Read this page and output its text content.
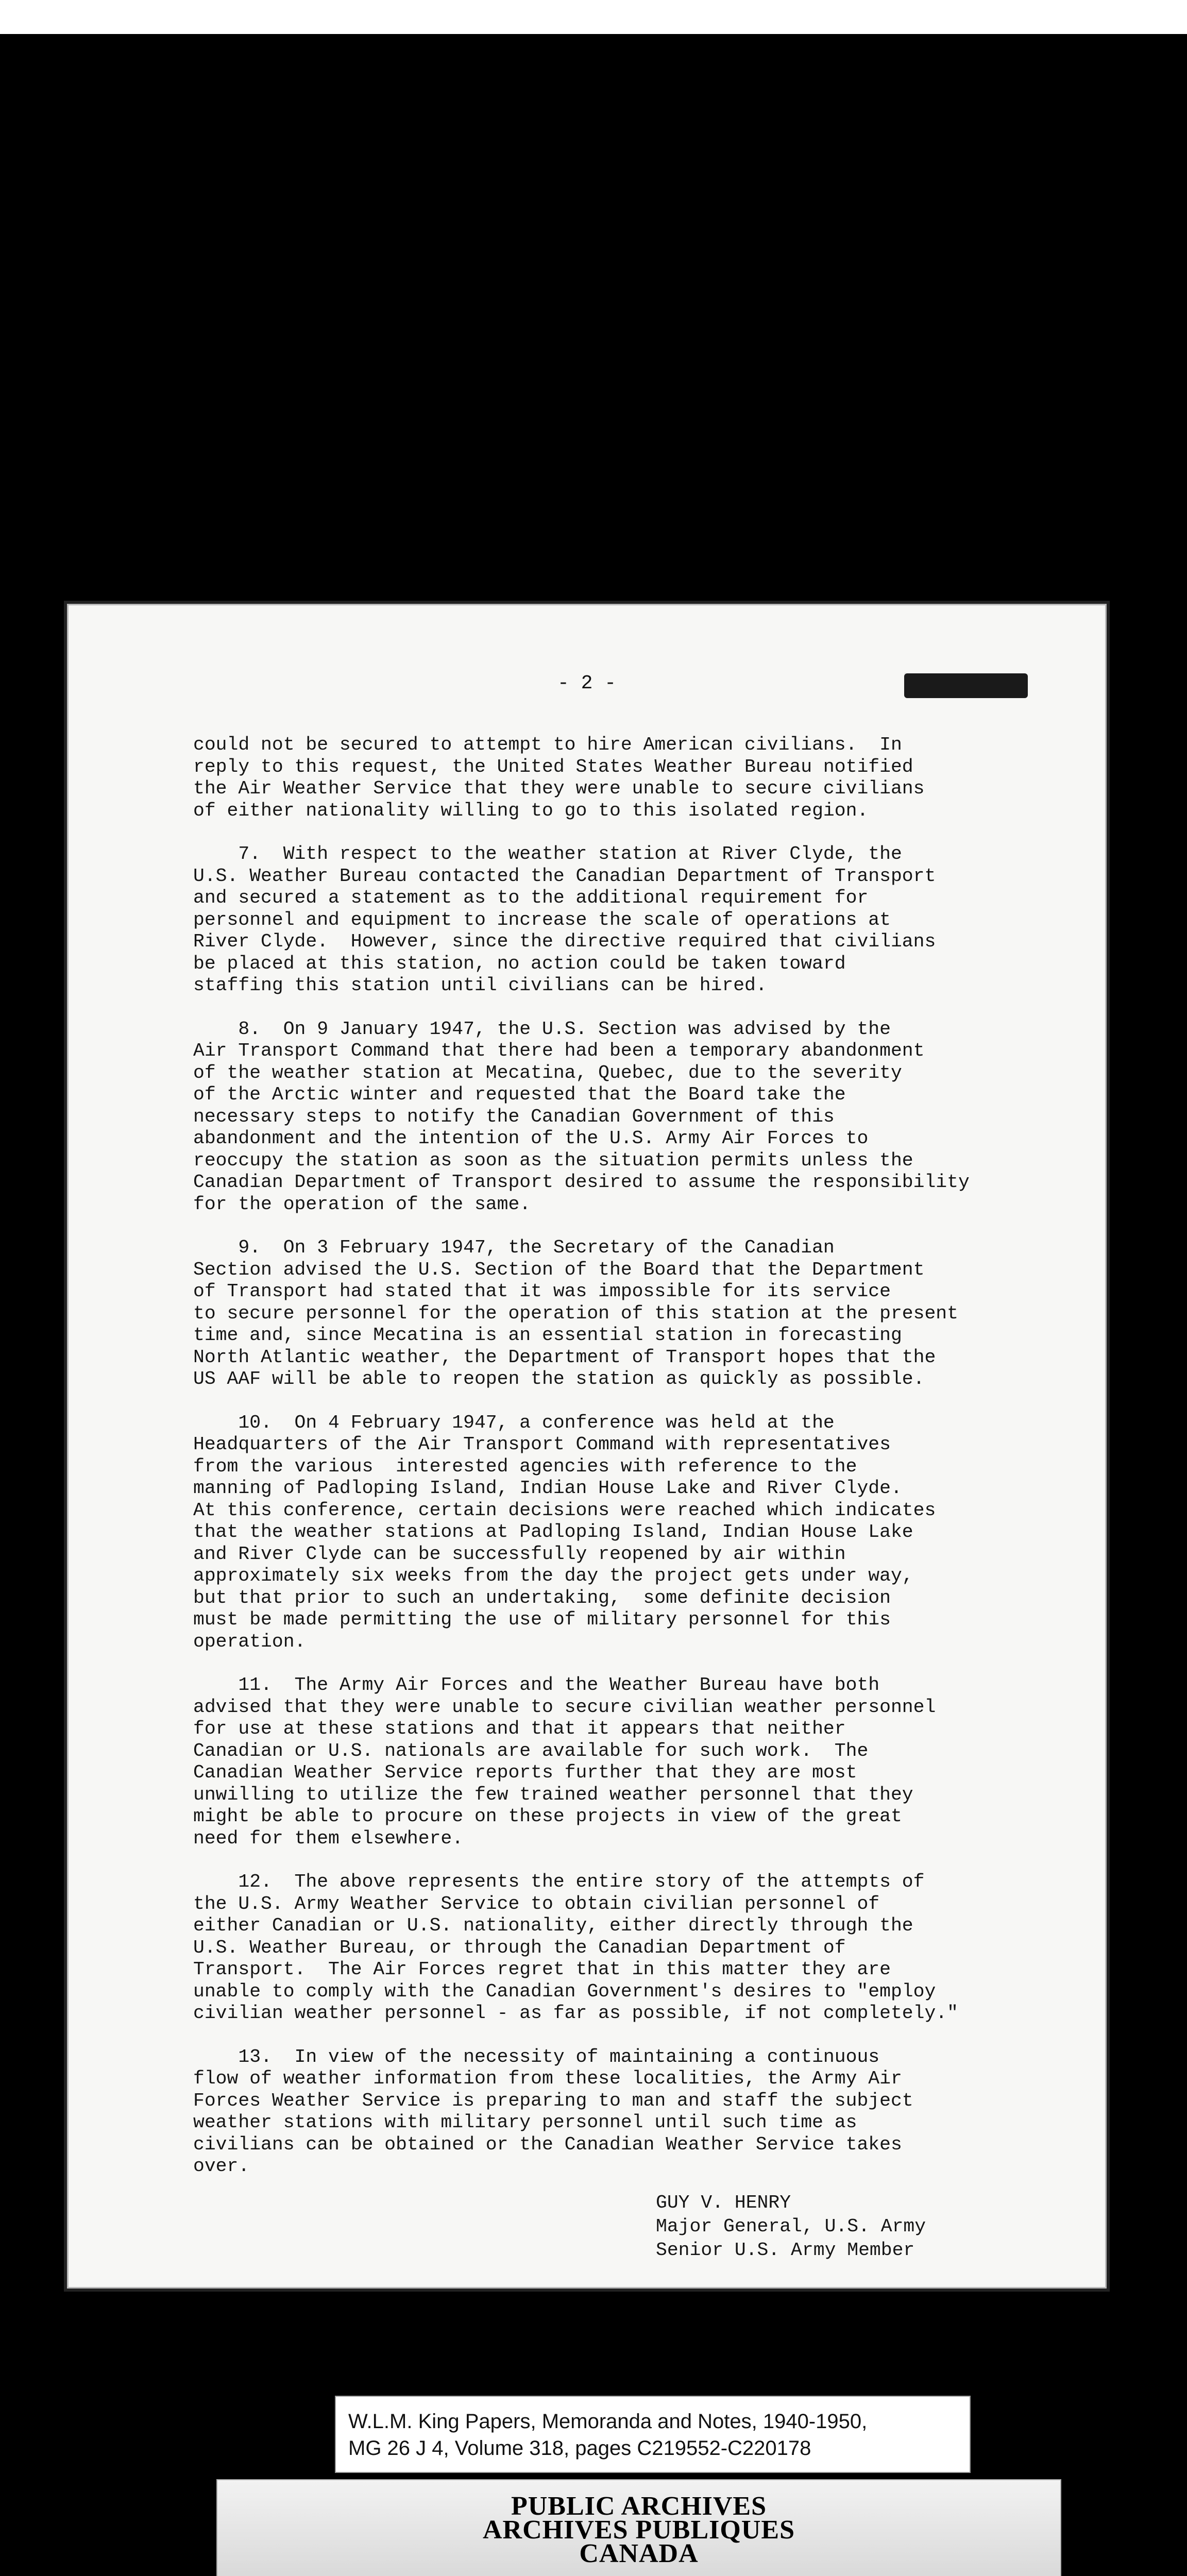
- 2 -	C219556
could not be secured to attempt to hire American civilians.  In
reply to this request, the United States Weather Bureau notified
the Air Weather Service that they were unable to secure civilians
of either nationality willing to go to this isolated region.
7.  With respect to the weather station at River Clyde, the
U.S. Weather Bureau contacted the Canadian Department of Transport
and secured a statement as to the additional requirement for
personnel and equipment to increase the scale of operations at
River Clyde.  However, since the directive required that civilians
be placed at this station, no action could be taken toward
staffing this station until civilians can be hired.
8.  On 9 January 1947, the U.S. Section was advised by the
Air Transport Command that there had been a temporary abandonment
of the weather station at Mecatina, Quebec, due to the severity
of the Arctic winter and requested that the Board take the
necessary steps to notify the Canadian Government of this
abandonment and the intention of the U.S. Army Air Forces to
reoccupy the station as soon as the situation permits unless the
Canadian Department of Transport desired to assume the responsibility
for the operation of the same.
9.  On 3 February 1947, the Secretary of the Canadian
Section advised the U.S. Section of the Board that the Department
of Transport had stated that it was impossible for its service
to secure personnel for the operation of this station at the present
time and, since Mecatina is an essential station in forecasting
North Atlantic weather, the Department of Transport hopes that the
US AAF will be able to reopen the station as quickly as possible.
10.  On 4 February 1947, a conference was held at the
Headquarters of the Air Transport Command with representatives
from the various  interested agencies with reference to the
manning of Padloping Island, Indian House Lake and River Clyde.
At this conference, certain decisions were reached which indicates
that the weather stations at Padloping Island, Indian House Lake
and River Clyde can be successfully reopened by air within
approximately six weeks from the day the project gets under way,
but that prior to such an undertaking,  some definite decision
must be made permitting the use of military personnel for this
operation.
11.  The Army Air Forces and the Weather Bureau have both
advised that they were unable to secure civilian weather personnel
for use at these stations and that it appears that neither
Canadian or U.S. nationals are available for such work.  The
Canadian Weather Service reports further that they are most
unwilling to utilize the few trained weather personnel that they
might be able to procure on these projects in view of the great
need for them elsewhere.
12.  The above represents the entire story of the attempts of
the U.S. Army Weather Service to obtain civilian personnel of
either Canadian or U.S. nationality, either directly through the
U.S. Weather Bureau, or through the Canadian Department of
Transport.  The Air Forces regret that in this matter they are
unable to comply with the Canadian Government's desires to "employ
civilian weather personnel - as far as possible, if not completely."
13.  In view of the necessity of maintaining a continuous
flow of weather information from these localities, the Army Air
Forces Weather Service is preparing to man and staff the subject
weather stations with military personnel until such time as
civilians can be obtained or the Canadian Weather Service takes
over.
GUY V. HENRY
Major General, U.S. Army
Senior U.S. Army Member
W.L.M. King Papers, Memoranda and Notes, 1940-1950,
MG 26 J 4, Volume 318, pages C219552-C220178
PUBLIC ARCHIVES
ARCHIVES PUBLIQUES
CANADA
